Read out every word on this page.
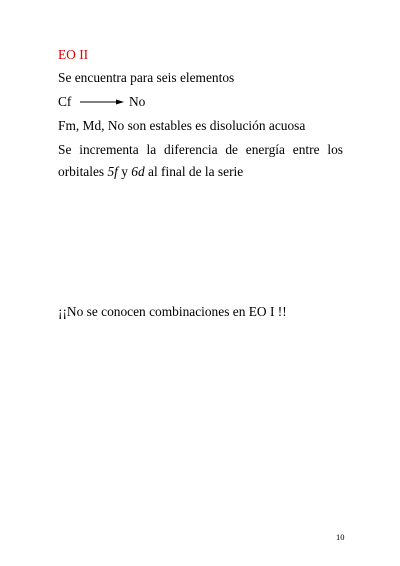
EO II
Se encuentra para seis elementos
Cf → No
Fm, Md, No son estables es disolución acuosa
Se incrementa la diferencia de energía entre los
orbitales 5f y 6d al final de la serie
¡¡No se conocen combinaciones en EO I !!
10
